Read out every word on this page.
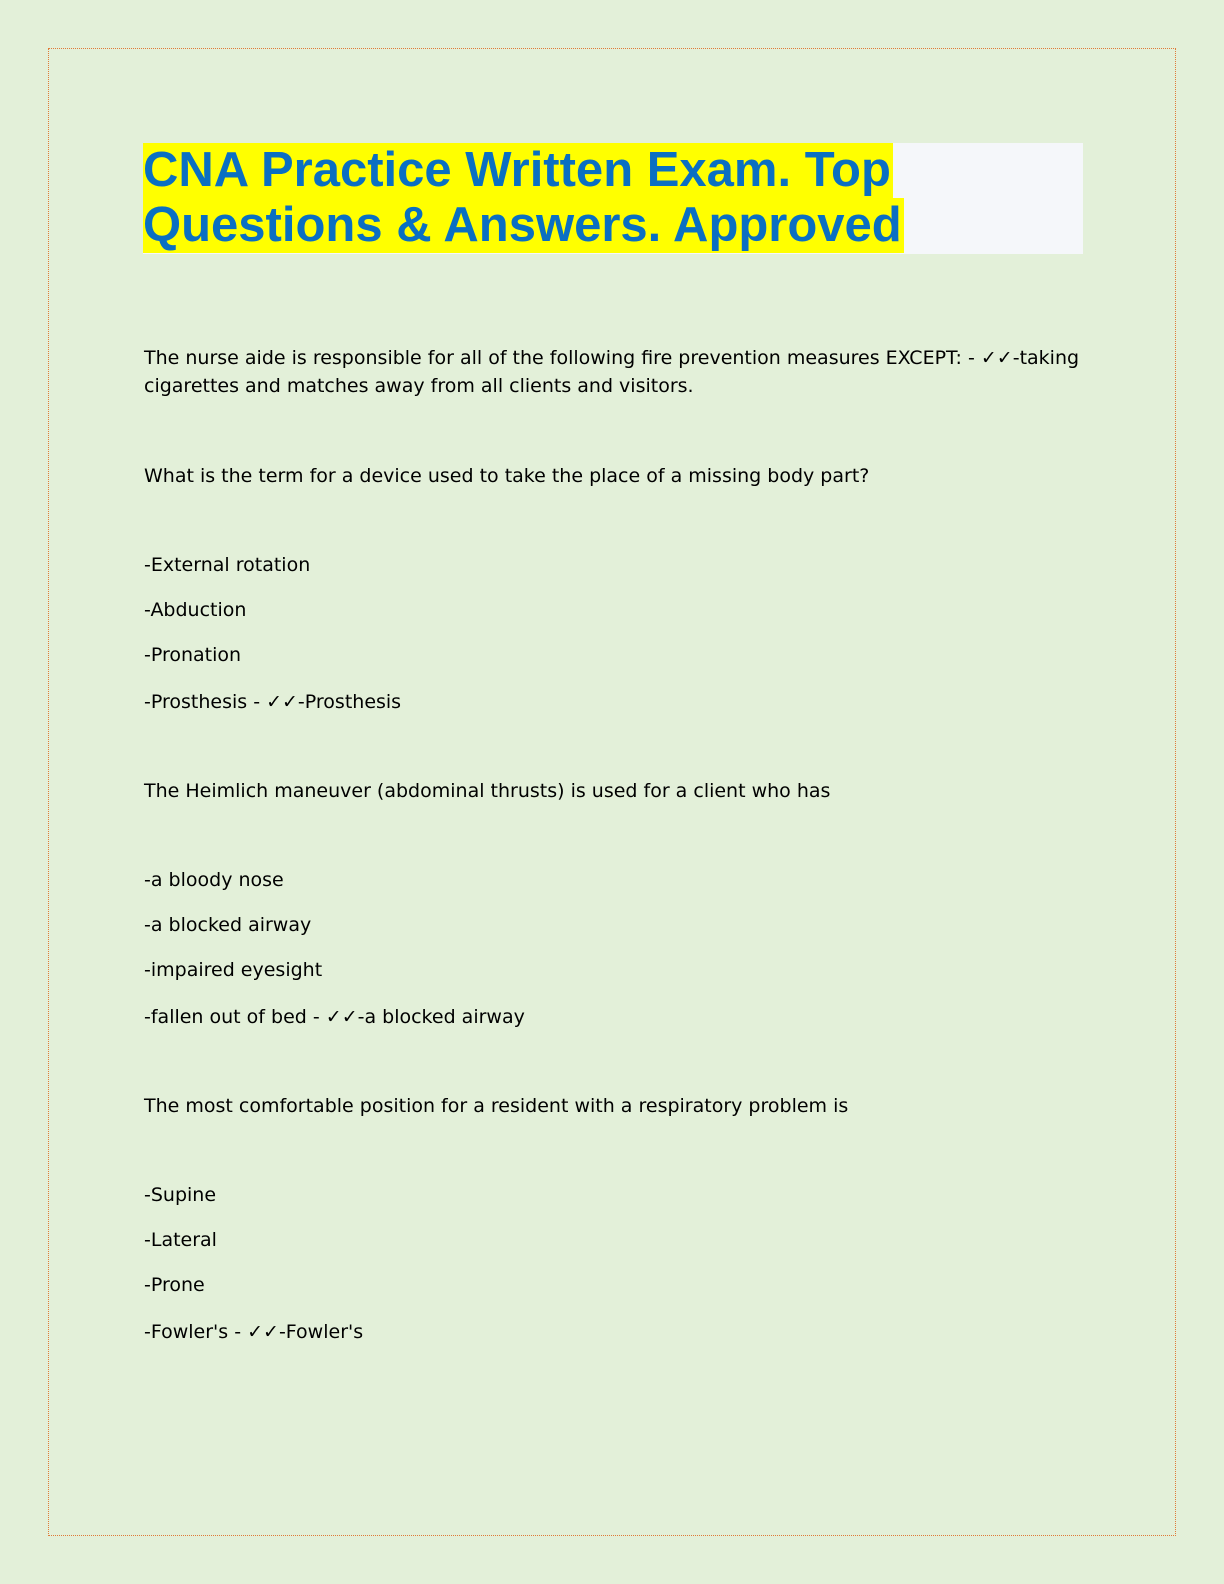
CNA Practice Written Exam. Top
Questions & Answers. Approved
The nurse aide is responsible for all of the following fire prevention measures EXCEPT: - ✓✓-taking
cigarettes and matches away from all clients and visitors.
What is the term for a device used to take the place of a missing body part?
-External rotation
-Abduction
-Pronation
-Prosthesis - ✓✓-Prosthesis
The Heimlich maneuver (abdominal thrusts) is used for a client who has
-a bloody nose
-a blocked airway
-impaired eyesight
-fallen out of bed - ✓✓-a blocked airway
The most comfortable position for a resident with a respiratory problem is
-Supine
-Lateral
-Prone
-Fowler's - ✓✓-Fowler's
